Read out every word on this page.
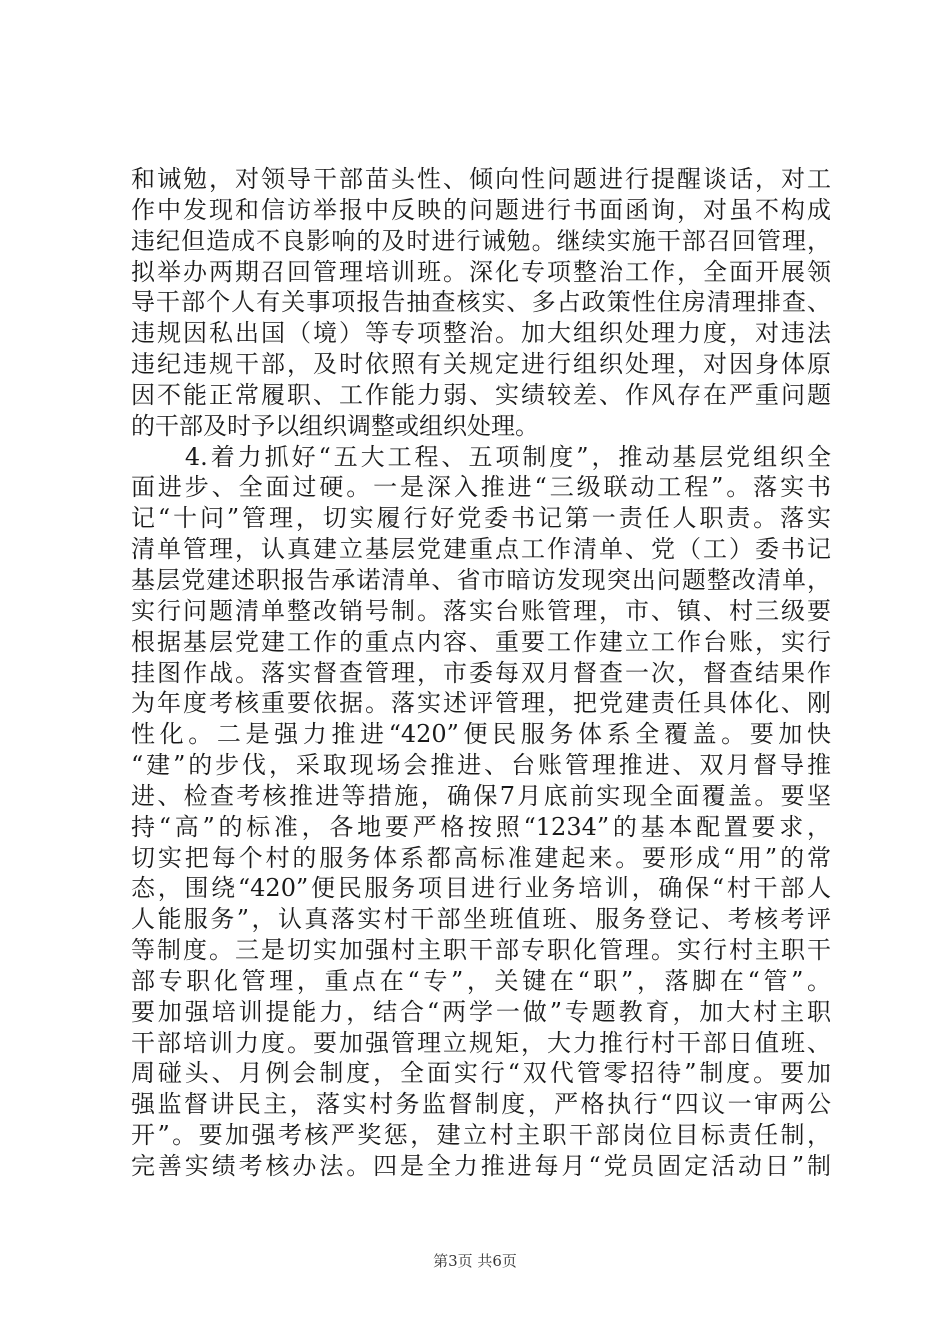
和诫勉，对领导干部苗头性、倾向性问题进行提醒谈话，对工
作中发现和信访举报中反映的问题进行书面函询，对虽不构成
违纪但造成不良影响的及时进行诫勉。继续实施干部召回管理，
拟举办两期召回管理培训班。深化专项整治工作，全面开展领
导干部个人有关事项报告抽查核实、多占政策性住房清理排查、
违规因私出国（境）等专项整治。加大组织处理力度，对违法
违纪违规干部，及时依照有关规定进行组织处理，对因身体原
因不能正常履职、工作能力弱、实绩较差、作风存在严重问题
的干部及时予以组织调整或组织处理。
　　4.着力抓好“五大工程、五项制度”，推动基层党组织全
面进步、全面过硬。一是深入推进“三级联动工程”。落实书
记“十问”管理，切实履行好党委书记第一责任人职责。落实
清单管理，认真建立基层党建重点工作清单、党（工）委书记
基层党建述职报告承诺清单、省市暗访发现突出问题整改清单，
实行问题清单整改销号制。落实台账管理，市、镇、村三级要
根据基层党建工作的重点内容、重要工作建立工作台账，实行
挂图作战。落实督查管理，市委每双月督查一次，督查结果作
为年度考核重要依据。落实述评管理，把党建责任具体化、刚
性化。二是强力推进“420”便民服务体系全覆盖。要加快
“建”的步伐，采取现场会推进、台账管理推进、双月督导推
进、检查考核推进等措施，确保7月底前实现全面覆盖。要坚
持“高”的标准，各地要严格按照“1234”的基本配置要求，
切实把每个村的服务体系都高标准建起来。要形成“用”的常
态，围绕“420”便民服务项目进行业务培训，确保“村干部人
人能服务”，认真落实村干部坐班值班、服务登记、考核考评
等制度。三是切实加强村主职干部专职化管理。实行村主职干
部专职化管理，重点在“专”，关键在“职”，落脚在“管”。
要加强培训提能力，结合“两学一做”专题教育，加大村主职
干部培训力度。要加强管理立规矩，大力推行村干部日值班、
周碰头、月例会制度，全面实行“双代管零招待”制度。要加
强监督讲民主，落实村务监督制度，严格执行“四议一审两公
开”。要加强考核严奖惩，建立村主职干部岗位目标责任制，
完善实绩考核办法。四是全力推进每月“党员固定活动日”制
第3页 共6页
